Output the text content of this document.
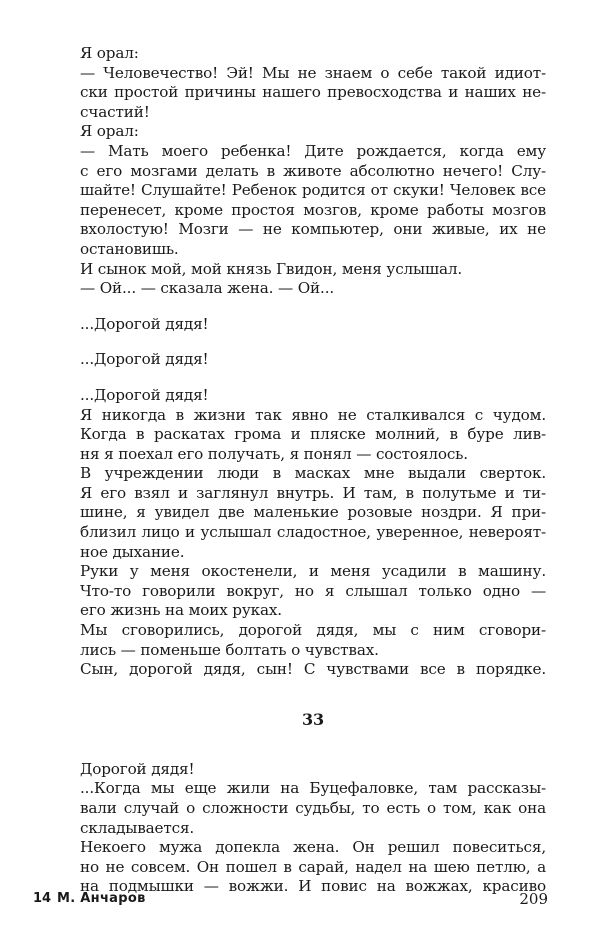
Я орал:
— Человечество! Эй! Мы не знаем о себе такой идиот-
ски простой причины нашего превосходства и наших не-
счастий!
Я орал:
— Мать моего ребенка! Дите рождается, когда ему
с его мозгами делать в животе абсолютно нечего! Слу-
шайте! Слушайте! Ребенок родится от скуки! Человек все
перенесет, кроме простоя мозгов, кроме работы мозгов
вхолостую! Мозги — не компьютер, они живые, их не
остановишь.
И сынок мой, мой князь Гвидон, меня услышал.
— Ой... — сказала жена. — Ой...
...Дорогой дядя!
...Дорогой дядя!
...Дорогой дядя!
Я никогда в жизни так явно не сталкивался с чудом.
Когда в раскатах грома и пляске молний, в буре лив-
ня я поехал его получать, я понял — состоялось.
В учреждении люди в масках мне выдали сверток.
Я его взял и заглянул внутрь. И там, в полутьме и ти-
шине, я увидел две маленькие розовые ноздри. Я при-
близил лицо и услышал сладостное, уверенное, невероят-
ное дыхание.
Руки у меня окостенели, и меня усадили в машину.
Что-то говорили вокруг, но я слышал только одно —
его жизнь на моих руках.
Мы сговорились, дорогой дядя, мы с ним сговори-
лись — поменьше болтать о чувствах.
Сын, дорогой дядя, сын! С чувствами все в порядке.
33
Дорогой дядя!
...Когда мы еще жили на Буцефаловке, там рассказы-
вали случай о сложности судьбы, то есть о том, как она
складывается.
Некоего мужа допекла жена. Он решил повеситься,
но не совсем. Он пошел в сарай, надел на шею петлю, а
на подмышки — вожжи. И повис на вожжах, красиво
14 М. Анчаров	209
